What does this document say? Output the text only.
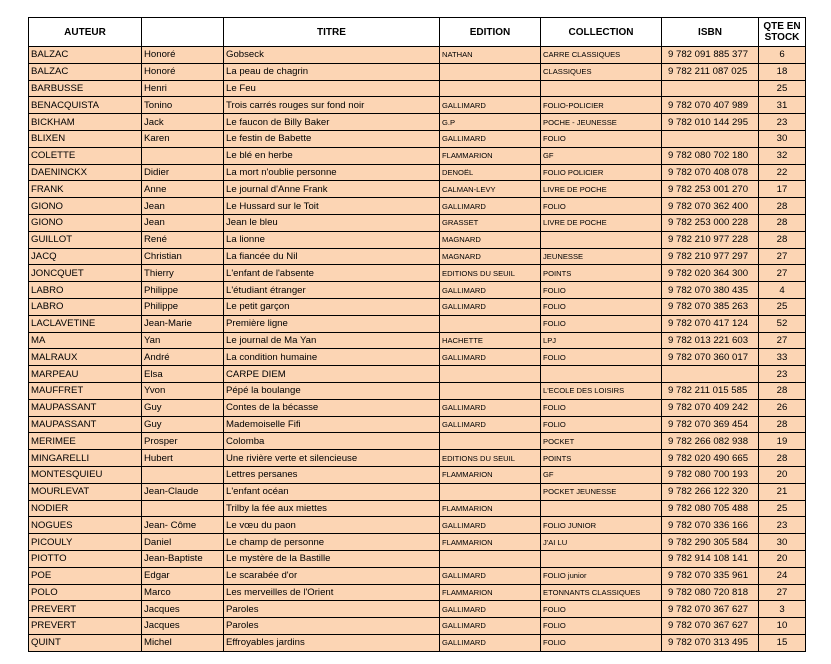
AUTEUR		TITRE	EDITION	COLLECTION	ISBN	QTE EN
STOCK
BALZAC	Honoré	Gobseck	NATHAN	CARRE CLASSIQUES	9 782 091 885 377	6
BALZAC	Honoré	La peau de chagrin		CLASSIQUES	9 782 211 087 025	18
BARBUSSE	Henri	Le Feu				25
BENACQUISTA	Tonino	Trois carrés rouges sur fond noir	GALLIMARD	FOLIO-POLICIER	9 782 070 407 989	31
BICKHAM	Jack	Le faucon de Billy Baker	G.P	POCHE - JEUNESSE	9 782 010 144 295	23
BLIXEN	Karen	Le festin de Babette	GALLIMARD	FOLIO		30
COLETTE		Le blé en herbe	FLAMMARION	GF	9 782 080 702 180	32
DAENINCKX	Didier	La mort n'oublie personne	DENOËL	FOLIO POLICIER	9 782 070 408 078	22
FRANK	Anne	Le journal d'Anne Frank	CALMAN-LEVY	LIVRE DE POCHE	9 782 253 001 270	17
GIONO	Jean	Le Hussard sur le Toit	GALLIMARD	FOLIO	9 782 070 362 400	28
GIONO	Jean	Jean le bleu	GRASSET	LIVRE DE POCHE	9 782 253 000 228	28
GUILLOT	René	La lionne	MAGNARD		9 782 210 977 228	28
JACQ	Christian	La fiancée du Nil	MAGNARD	JEUNESSE	9 782 210 977 297	27
JONCQUET	Thierry	L'enfant de l'absente	EDITIONS DU SEUIL	POINTS	9 782 020 364 300	27
LABRO	Philippe	L'étudiant étranger	GALLIMARD	FOLIO	9 782 070 380 435	4
LABRO	Philippe	Le petit garçon	GALLIMARD	FOLIO	9 782 070 385 263	25
LACLAVETINE	Jean-Marie	Première ligne		FOLIO	9 782 070 417 124	52
MA	Yan	Le journal de Ma Yan	HACHETTE	LPJ	9 782 013 221 603	27
MALRAUX	André	La condition humaine	GALLIMARD	FOLIO	9 782 070 360 017	33
MARPEAU	Elsa	CARPE DIEM				23
MAUFFRET	Yvon	Pépé la boulange		L'ECOLE DES LOISIRS	9 782 211 015 585	28
MAUPASSANT	Guy	Contes de la bécasse	GALLIMARD	FOLIO	9 782 070 409 242	26
MAUPASSANT	Guy	Mademoiselle Fifi	GALLIMARD	FOLIO	9 782 070 369 454	28
MERIMEE	Prosper	Colomba		POCKET	9 782 266 082 938	19
MINGARELLI	Hubert	Une rivière verte et silencieuse	EDITIONS DU SEUIL	POINTS	9 782 020 490 665	28
MONTESQUIEU		Lettres persanes	FLAMMARION	GF	9 782 080 700 193	20
MOURLEVAT	Jean-Claude	L'enfant océan		POCKET JEUNESSE	9 782 266 122 320	21
NODIER		Trilby la fée aux miettes	FLAMMARION		9 782 080 705 488	25
NOGUES	Jean- Côme	Le vœu du paon	GALLIMARD	FOLIO JUNIOR	9 782 070 336 166	23
PICOULY	Daniel	Le champ de personne	FLAMMARION	J'AI LU	9 782 290 305 584	30
PIOTTO	Jean-Baptiste	Le mystère de la Bastille			9 782 914 108 141	20
POE	Edgar	Le scarabée d'or	GALLIMARD	FOLIO junior	9 782 070 335 961	24
POLO	Marco	Les merveilles de l'Orient	FLAMMARION	ETONNANTS CLASSIQUES	9 782 080 720 818	27
PREVERT	Jacques	Paroles	GALLIMARD	FOLIO	9 782 070 367 627	3
PREVERT	Jacques	Paroles	GALLIMARD	FOLIO	9 782 070 367 627	10
QUINT	Michel	Effroyables jardins	GALLIMARD	FOLIO	9 782 070 313 495	15
